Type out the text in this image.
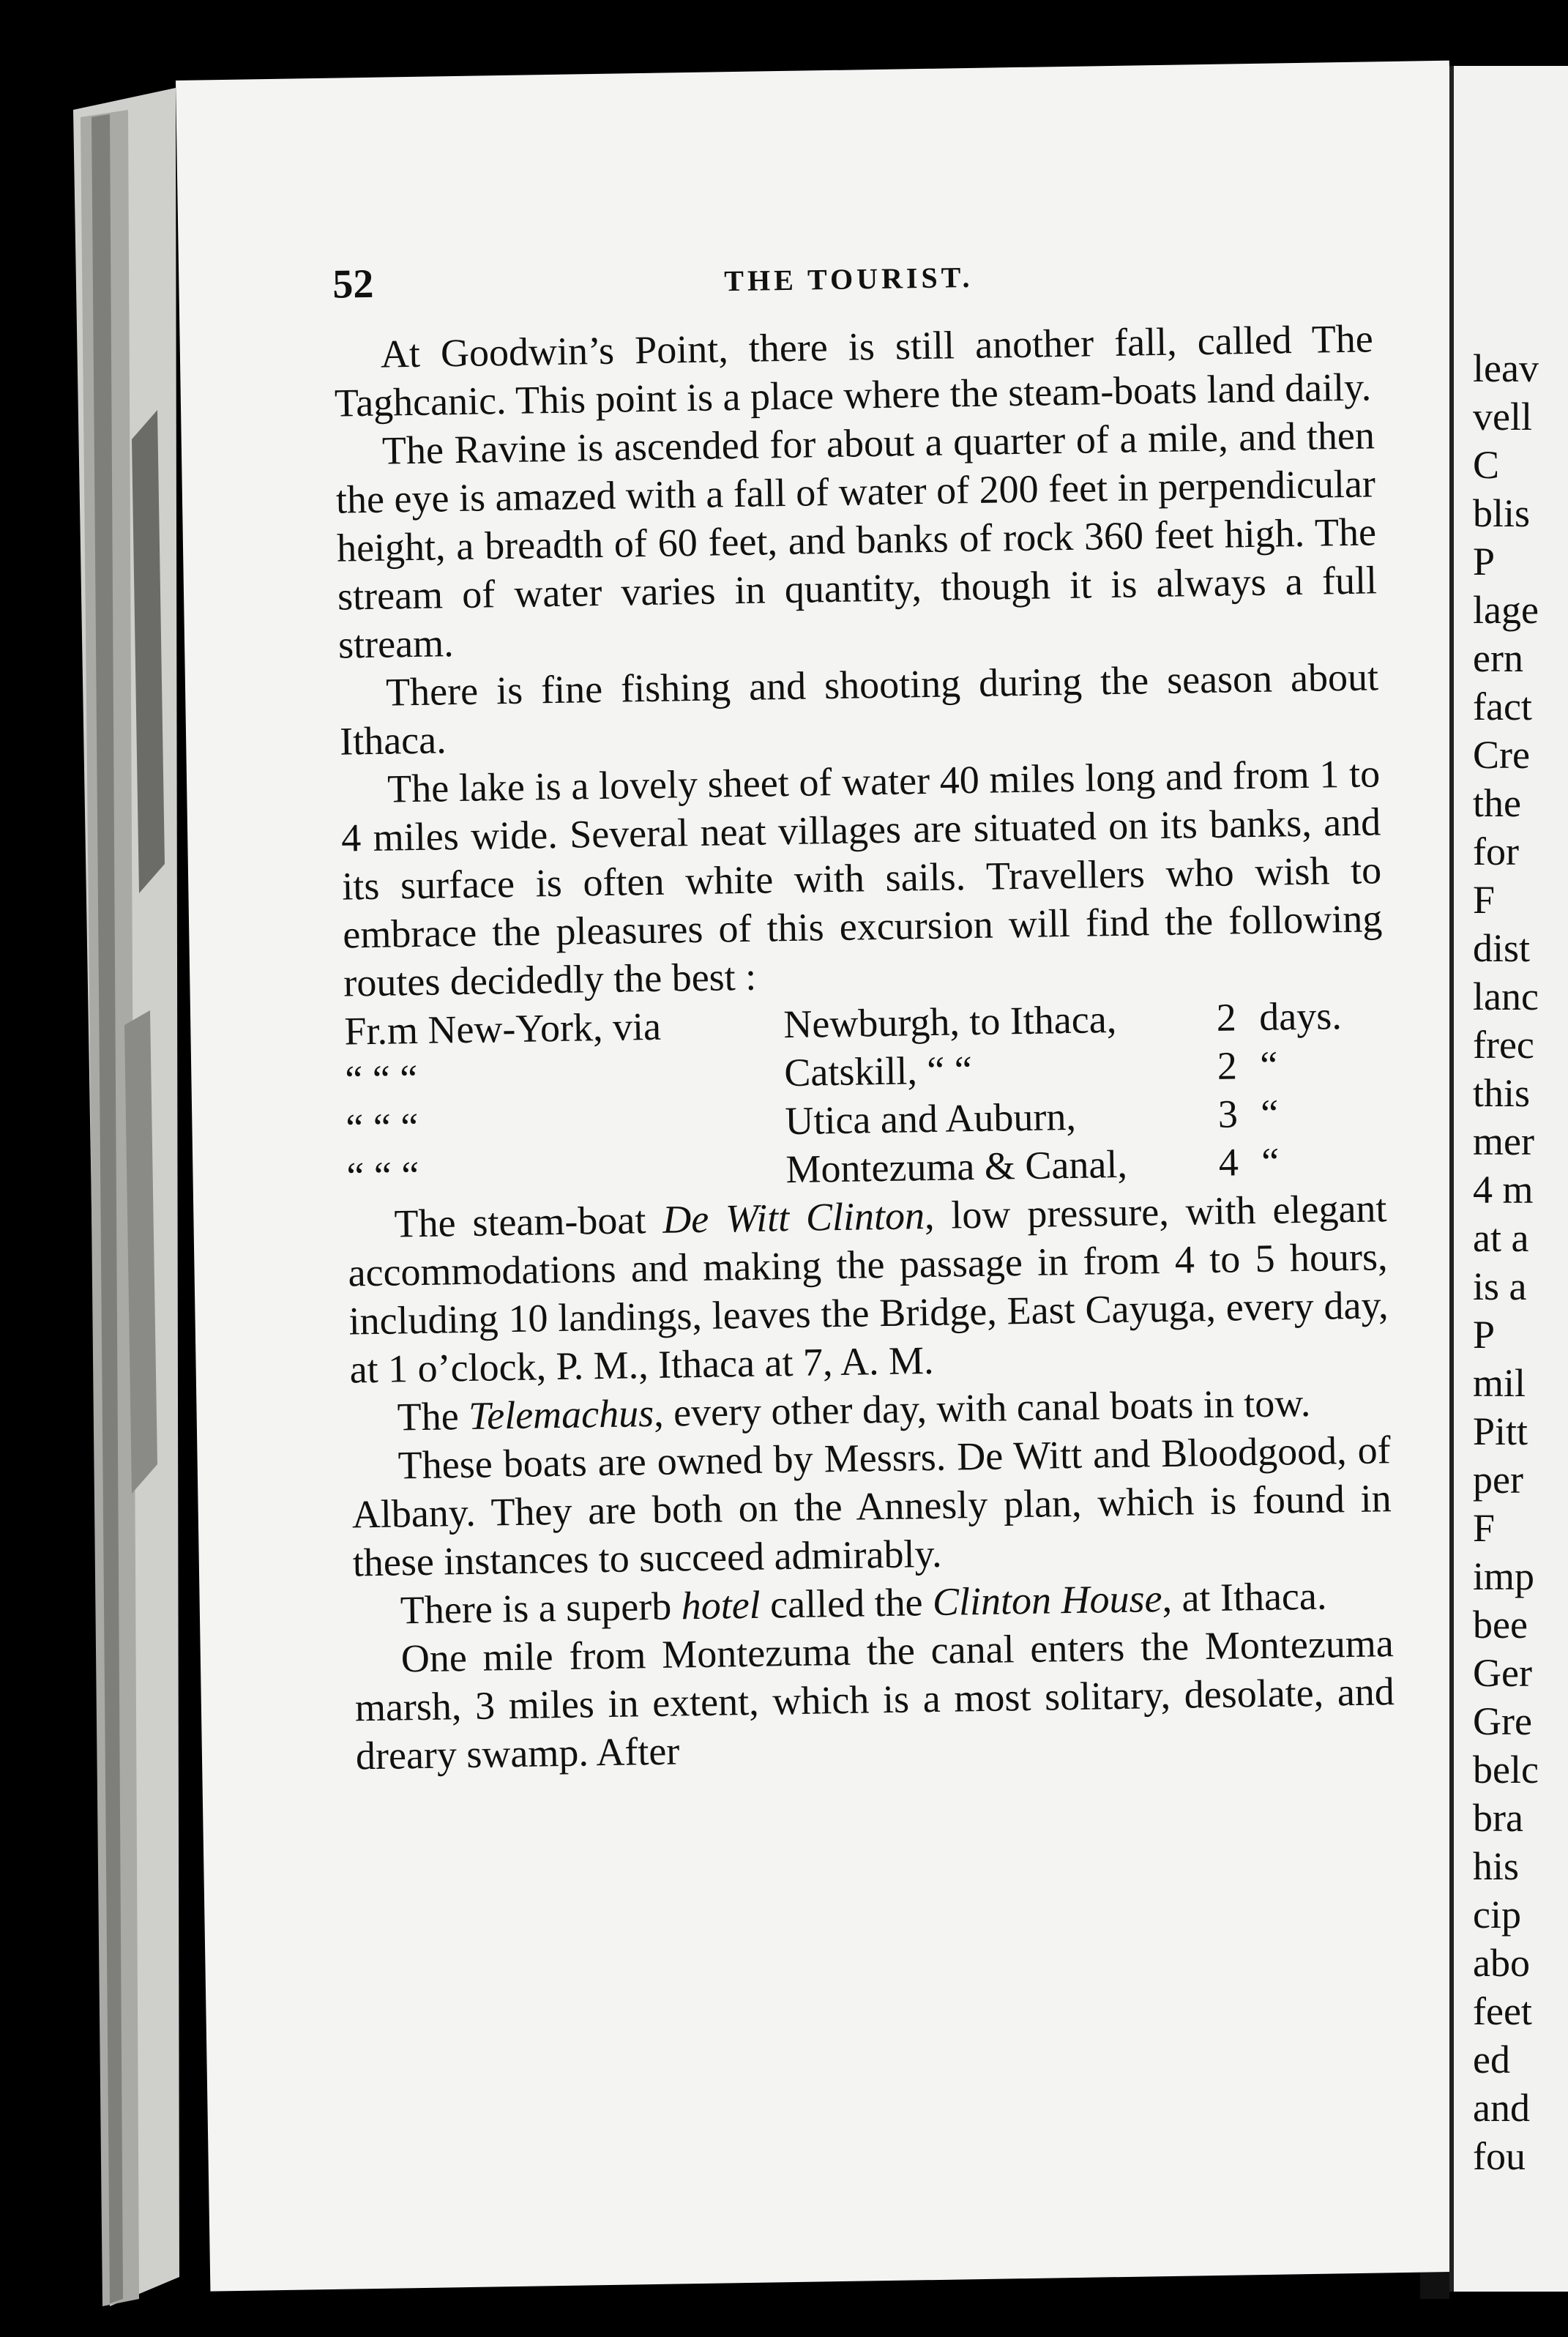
52	THE TOURIST.

At Goodwin’s Point, there is still another fall, called The Taghcanic. This point is a place where the steam-boats land daily.

The Ravine is ascended for about a quarter of a mile, and then the eye is amazed with a fall of water of 200 feet in perpendicular height, a breadth of 60 feet, and banks of rock 360 feet high. The stream of water varies in quantity, though it is always a full stream.

There is fine fishing and shooting during the season about Ithaca.

The lake is a lovely sheet of water 40 miles long and from 1 to 4 miles wide. Several neat villages are situated on its banks, and its surface is often white with sails. Travellers who wish to embrace the pleasures of this excursion will find the following routes decidedly the best :

Fr.m New-York, via	Newburgh, to Ithaca,	2 days.
“ “ “	Catskill, “ “	2 “
“ “ “	Utica and Auburn,	3 “
“ “ “	Montezuma & Canal,	4 “

The steam-boat De Witt Clinton, low pressure, with elegant accommodations and making the passage in from 4 to 5 hours, including 10 landings, leaves the Bridge, East Cayuga, every day, at 1 o’clock, P. M., Ithaca at 7, A. M.

The Telemachus, every other day, with canal boats in tow.

These boats are owned by Messrs. De Witt and Bloodgood, of Albany. They are both on the Annesly plan, which is found in these instances to succeed admirably.

There is a superb hotel called the Clinton House, at Ithaca.

One mile from Montezuma the canal enters the Montezuma marsh, 3 miles in extent, which is a most solitary, desolate, and dreary swamp. After

leav
vell
C
blis
P
lage
ern
fact
Cre
the
for
F
dist
lanc
frec
this
mer
4 m
at a
is a
P
mil
Pitt
per
F
imp
bee
Ger
Gre
belc
bra
his
cip
abo
feet
ed
and
fou
